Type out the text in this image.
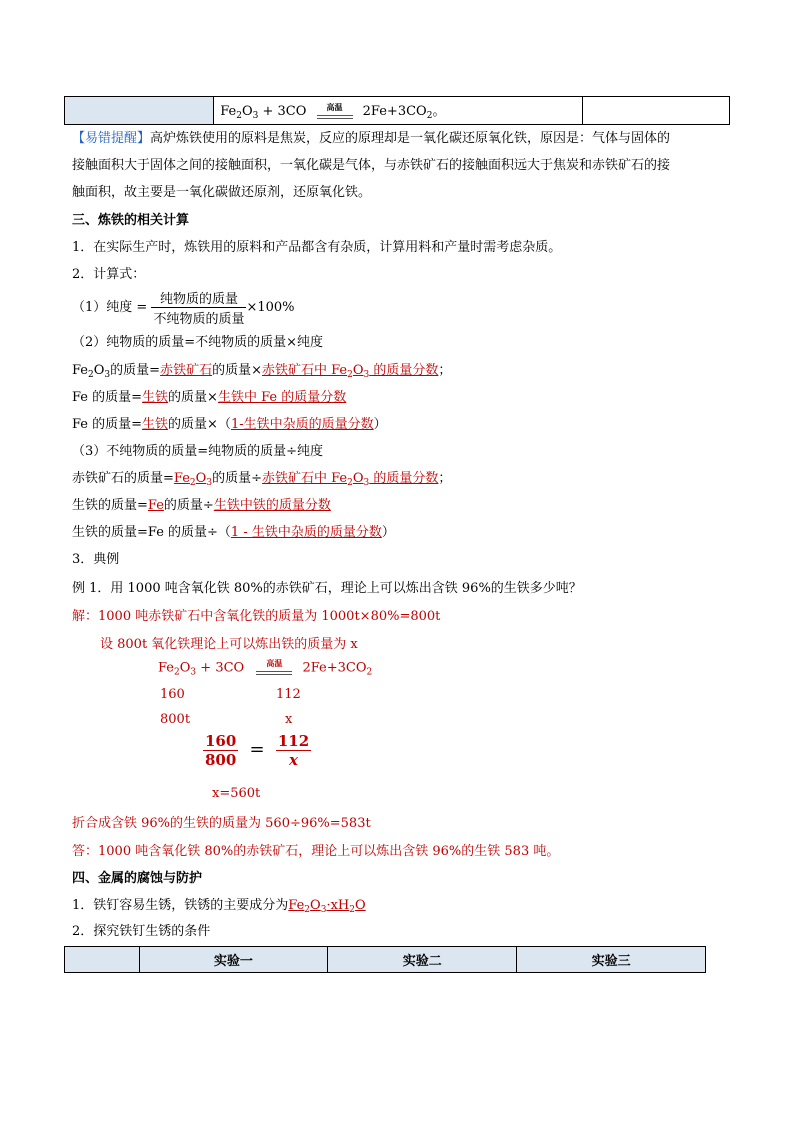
	$Fe_2O_3 + 3CO$	高温	$2Fe+3CO_2$。	
【易错提醒】高炉炼铁使用的原料是焦炭，反应的原理却是一氧化碳还原氧化铁，原因是：气体与固体的
接触面积大于固体之间的接触面积，一氧化碳是气体，与赤铁矿石的接触面积远大于焦炭和赤铁矿石的接
触面积，故主要是一氧化碳做还原剂，还原氧化铁。
三、炼铁的相关计算
1．在实际生产时，炼铁用的原料和产品都含有杂质，计算用料和产量时需考虑杂质。
2．计算式：
（1）纯度 = $\frac{\text{纯物质的质量}}{\text{不纯物质的质量}} \times 100\%$
（2）纯物质的质量=不纯物质的质量×纯度
$Fe_2O_3$的质量=赤铁矿石的质量×赤铁矿石中 $Fe_2O_3$ 的质量分数；
Fe 的质量=生铁的质量×生铁中 Fe 的质量分数
Fe 的质量=生铁的质量×（1-生铁中杂质的质量分数）
（3）不纯物质的质量=纯物质的质量÷纯度
赤铁矿石的质量$=Fe_2O_3$的质量÷赤铁矿石中 $Fe_2O_3$ 的质量分数；
生铁的质量=Fe的质量÷生铁中铁的质量分数
生铁的质量=Fe 的质量÷（1 - 生铁中杂质的质量分数）
3．典例
例 1．用 1000 吨含氧化铁 80%的赤铁矿石，理论上可以炼出含铁 96%的生铁多少吨？
解：1000 吨赤铁矿石中含氧化铁的质量为 1000t×80%=800t
设 800t 氧化铁理论上可以炼出铁的质量为 x
$Fe_2O_3 + 3CO$	高温	$2Fe+3CO_2$
160	112
800t	x
$\frac{160}{800} = \frac{112}{x}$
x=560t
折合成含铁 96%的生铁的质量为 560÷96%=583t
答：1000 吨含氧化铁 80%的赤铁矿石，理论上可以炼出含铁 96%的生铁 583 吨。
四、金属的腐蚀与防护
1．铁钉容易生锈，铁锈的主要成分为$Fe_2O_3\cdot xH_2O$
2．探究铁钉生锈的条件
	实验一	实验二	实验三
